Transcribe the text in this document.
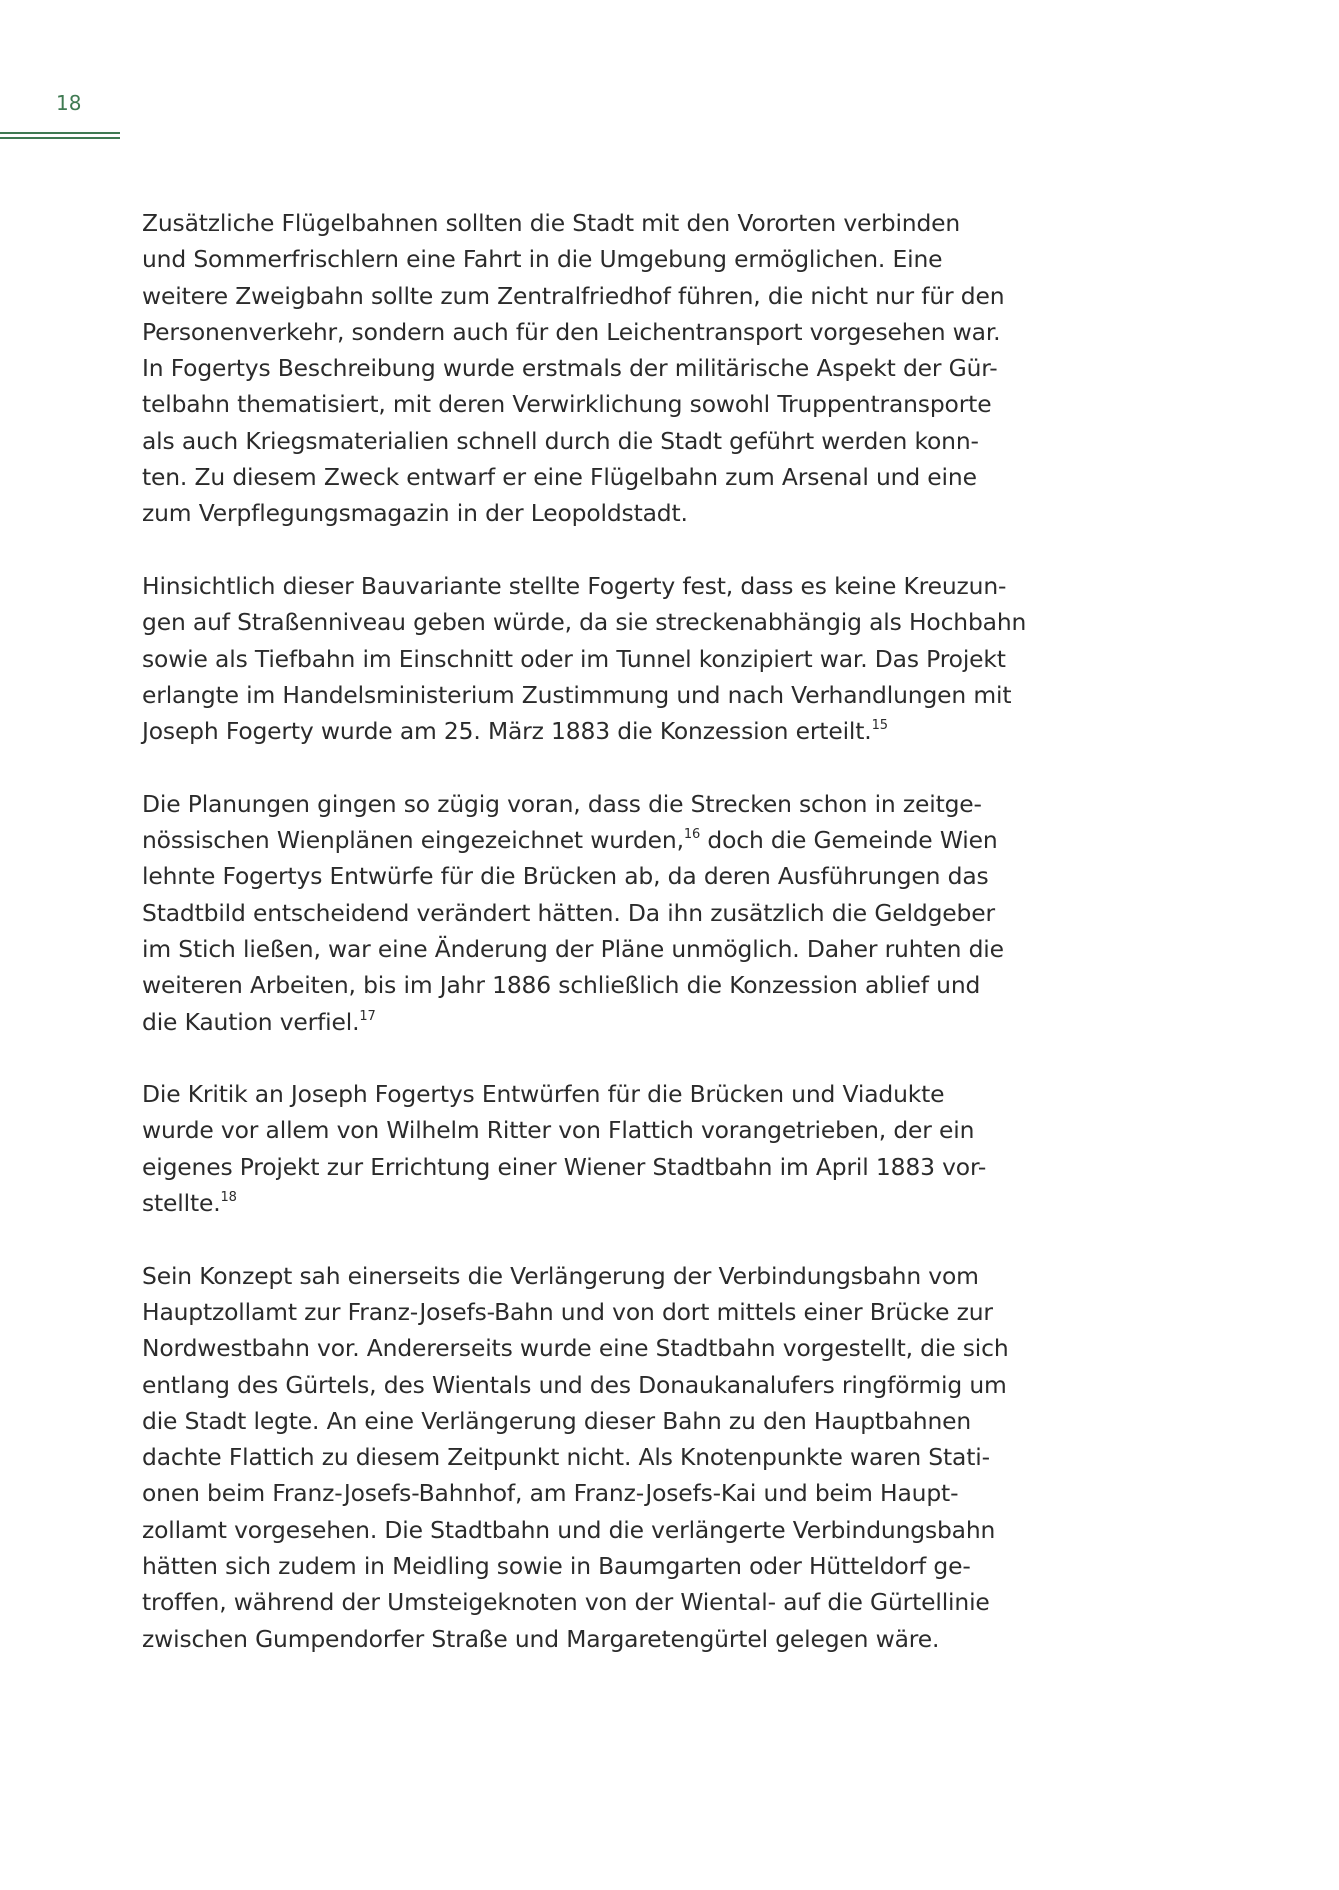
18

Zusätzliche Flügelbahnen sollten die Stadt mit den Vororten verbinden
und Sommerfrischlern eine Fahrt in die Umgebung ermöglichen. Eine
weitere Zweigbahn sollte zum Zentralfriedhof führen, die nicht nur für den
Personenverkehr, sondern auch für den Leichentransport vorgesehen war.
In Fogertys Beschreibung wurde erstmals der militärische Aspekt der Gür-
telbahn thematisiert, mit deren Verwirklichung sowohl Truppentransporte
als auch Kriegsmaterialien schnell durch die Stadt geführt werden konn-
ten. Zu diesem Zweck entwarf er eine Flügelbahn zum Arsenal und eine
zum Verpflegungsmagazin in der Leopoldstadt.

Hinsichtlich dieser Bauvariante stellte Fogerty fest, dass es keine Kreuzun-
gen auf Straßenniveau geben würde, da sie streckenabhängig als Hochbahn
sowie als Tiefbahn im Einschnitt oder im Tunnel konzipiert war. Das Projekt
erlangte im Handelsministerium Zustimmung und nach Verhandlungen mit
Joseph Fogerty wurde am 25. März 1883 die Konzession erteilt.$^{15}$

Die Planungen gingen so zügig voran, dass die Strecken schon in zeitge-
nössischen Wienplänen eingezeichnet wurden,$^{16}$ doch die Gemeinde Wien
lehnte Fogertys Entwürfe für die Brücken ab, da deren Ausführungen das
Stadtbild entscheidend verändert hätten. Da ihn zusätzlich die Geldgeber
im Stich ließen, war eine Änderung der Pläne unmöglich. Daher ruhten die
weiteren Arbeiten, bis im Jahr 1886 schließlich die Konzession ablief und
die Kaution verfiel.$^{17}$

Die Kritik an Joseph Fogertys Entwürfen für die Brücken und Viadukte
wurde vor allem von Wilhelm Ritter von Flattich vorangetrieben, der ein
eigenes Projekt zur Errichtung einer Wiener Stadtbahn im April 1883 vor-
stellte.$^{18}$

Sein Konzept sah einerseits die Verlängerung der Verbindungsbahn vom
Hauptzollamt zur Franz-Josefs-Bahn und von dort mittels einer Brücke zur
Nordwestbahn vor. Andererseits wurde eine Stadtbahn vorgestellt, die sich
entlang des Gürtels, des Wientals und des Donaukanalufers ringförmig um
die Stadt legte. An eine Verlängerung dieser Bahn zu den Hauptbahnen
dachte Flattich zu diesem Zeitpunkt nicht. Als Knotenpunkte waren Stati-
onen beim Franz-Josefs-Bahnhof, am Franz-Josefs-Kai und beim Haupt-
zollamt vorgesehen. Die Stadtbahn und die verlängerte Verbindungsbahn
hätten sich zudem in Meidling sowie in Baumgarten oder Hütteldorf ge-
troffen, während der Umsteigeknoten von der Wiental- auf die Gürtellinie
zwischen Gumpendorfer Straße und Margaretengürtel gelegen wäre.
